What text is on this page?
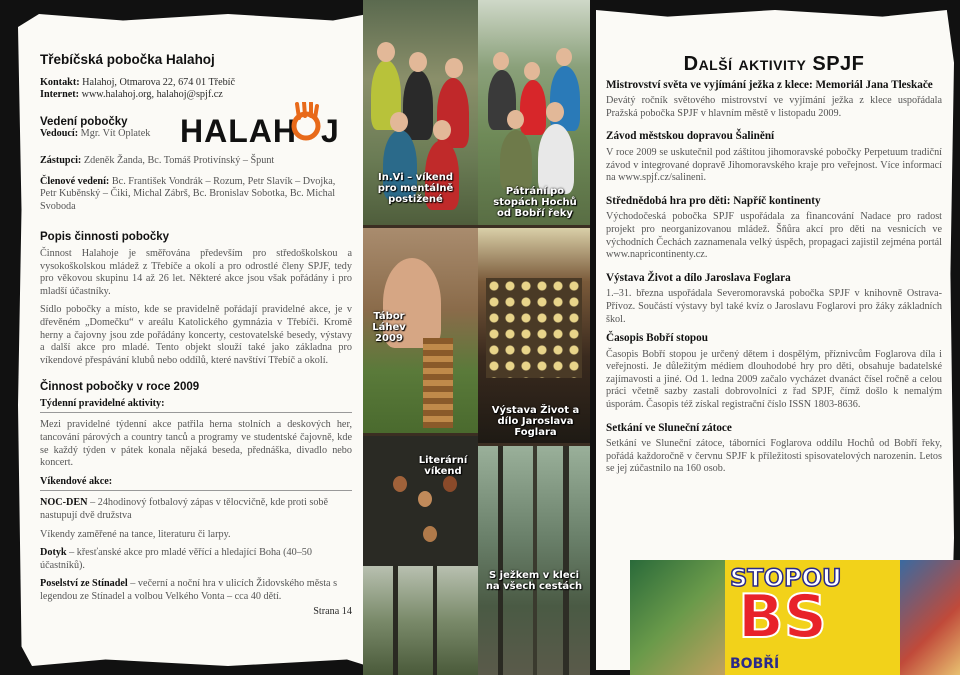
Třebíčská pobočka Halahoj
Kontakt: Halahoj, Otmarova 22, 674 01 Třebíč
Internet: www.halahoj.org, halahoj@spjf.cz
Vedení pobočky
Vedoucí: Mgr. Vít Oplatek
Zástupci: Zdeněk Žanda, Bc. Tomáš Protivínský – Špunt
Členové vedení: Bc. František Vondrák – Rozum, Petr Slavík – Dvojka, Petr Kuběnský – Čiki, Michal Zábrš, Bc. Bronislav Sobotka, Bc. Michal Svoboda
Popis činnosti pobočky

Činnost Halahoje je směřována především pro středoškolskou a vysokoškolskou mládež z Třebíče a okolí a pro odrostlé členy SPJF, tedy pro věkovou skupinu 14 až 26 let. Některé akce jsou však pořádány i pro mladší účastníky.

Sídlo pobočky a místo, kde se pravidelně pořádají pravidelné akce, je v dřevěném „Domečku“ v areálu Katolického gymnázia v Třebíči. Kromě herny a čajovny jsou zde pořádány koncerty, cestovatelské besedy, výstavy a další akce pro mladé. Tento objekt slouží také jako základna pro víkendové přespávání klubů nebo oddílů, které navštíví Třebíč a okolí.

Činnost pobočky v roce 2009
Týdenní pravidelné aktivity:

Mezi pravidelné týdenní akce patřila herna stolních a deskových her, tancování párových a country tanců a programy ve studentské čajovně, kde se každý týden v pátek konala nějaká beseda, přednáška, divadlo nebo koncert.

Víkendové akce:

NOC-DEN – 24hodinový fotbalový zápas v tělocvičně, kde proti sobě nastupují dvě družstva

Víkendy zaměřené na tance, literaturu či larpy.

Dotyk – křesťanské akce pro mladé věřící a hledající Boha (40–50 účastníků).

Poselství ze Stínadel – večerní a noční hra v ulicích Židovského města s legendou ze Stínadel a volbou Velkého Vonta – cca 40 dětí.

Strana 14
HALAH J
In.Vi – víkend pro mentálně postižené
Pátrání po stopách Hochů od Bobří řeky
Tábor Láhev 2009
Výstava Život a dílo Jaroslava Foglara
Literární víkend
S ježkem v kleci na všech cestách
Další aktivity SPJF
Mistrovství světa ve vyjímání ježka z klece: Memoriál Jana Tleskače

Devátý ročník světového mistrovství ve vyjímání ježka z klece uspořádala Pražská pobočka SPJF v hlavním městě v listopadu 2009.

Závod městskou dopravou Šalinění

V roce 2009 se uskutečnil pod záštitou jihomoravské pobočky Perpetuum tradiční závod v integrované dopravě Jihomoravského kraje pro veřejnost. Více informací na www.spjf.cz/salineni.

Střednědobá hra pro děti: Napříč kontinenty

Východočeská pobočka SPJF uspořádala za financování Nadace pro radost projekt pro neorganizovanou mládež. Šňůra akcí pro děti na vesnicích ve východních Čechách zaznamenala velký úspěch, propagaci zajistil zejména portál www.napricontinenty.cz.

Výstava Život a dílo Jaroslava Foglara

1.–31. března uspořádala Severomoravská pobočka SPJF v knihovně Ostrava-Přívoz. Součástí výstavy byl také kvíz o Jaroslavu Foglarovi pro žáky základních škol.

Časopis Bobří stopou

Časopis Bobří stopou je určený dětem i dospělým, příznivcům Foglarova díla i veřejnosti. Je důležitým médiem dlouhodobé hry pro děti, obsahuje badatelské zajímavosti a jiné. Od 1. ledna 2009 začalo vycházet dvanáct čísel ročně a celou práci včetně sazby zastali dobrovolníci z řad SPJF, čímž došlo k nemalým úsporám. Časopis též získal registrační číslo ISSN 1803-8636.

Setkání ve Sluneční zátoce

Setkání ve Sluneční zátoce, táborníci Foglarova oddílu Hochů od Bobří řeky, pořádá každoročně v červnu SPJF k příležitosti spisovatelových narozenin. Letos se jej zúčastnilo na 160 osob.

STOPOU
BS
BOBŘÍ
